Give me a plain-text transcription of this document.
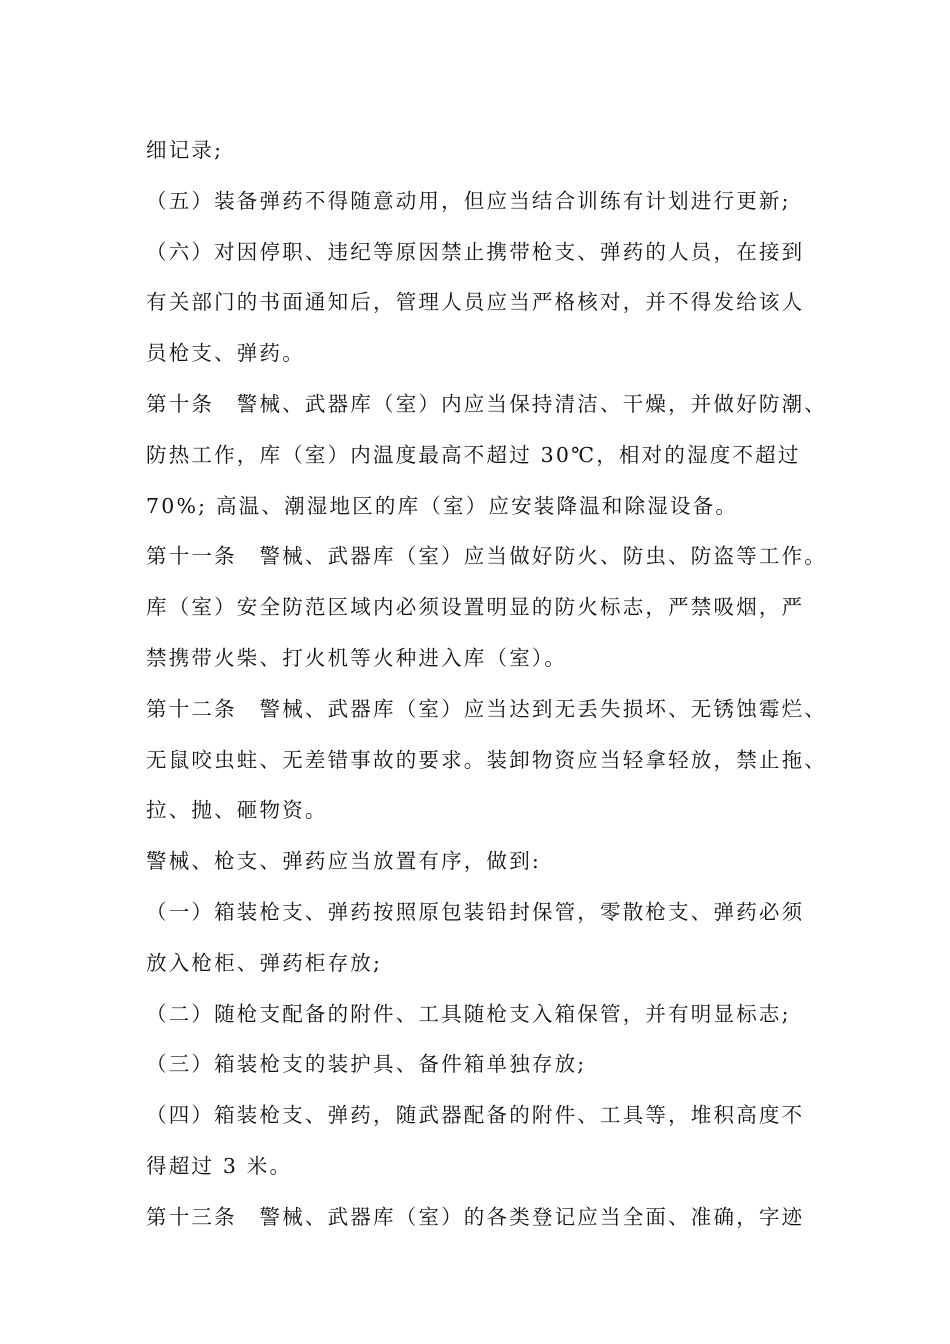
细记录;
（五）装备弹药不得随意动用，但应当结合训练有计划进行更新;
（六）对因停职、违纪等原因禁止携带枪支、弹药的人员，在接到
有关部门的书面通知后，管理人员应当严格核对，并不得发给该人
员枪支、弹药。
第十条　警械、武器库（室）内应当保持清洁、干燥，并做好防潮、
防热工作，库（室）内温度最高不超过 30℃，相对的湿度不超过
70%; 高温、潮湿地区的库（室）应安装降温和除湿设备。
第十一条　警械、武器库（室）应当做好防火、防虫、防盗等工作。
库（室）安全防范区域内必须设置明显的防火标志，严禁吸烟，严
禁携带火柴、打火机等火种进入库（室）。
第十二条　警械、武器库（室）应当达到无丢失损坏、无锈蚀霉烂、
无鼠咬虫蛀、无差错事故的要求。装卸物资应当轻拿轻放，禁止拖、
拉、抛、砸物资。
警械、枪支、弹药应当放置有序，做到:
（一）箱装枪支、弹药按照原包装铅封保管，零散枪支、弹药必须
放入枪柜、弹药柜存放;
（二）随枪支配备的附件、工具随枪支入箱保管，并有明显标志;
（三）箱装枪支的装护具、备件箱单独存放;
（四）箱装枪支、弹药，随武器配备的附件、工具等，堆积高度不
得超过 3 米。
第十三条　警械、武器库（室）的各类登记应当全面、准确，字迹
